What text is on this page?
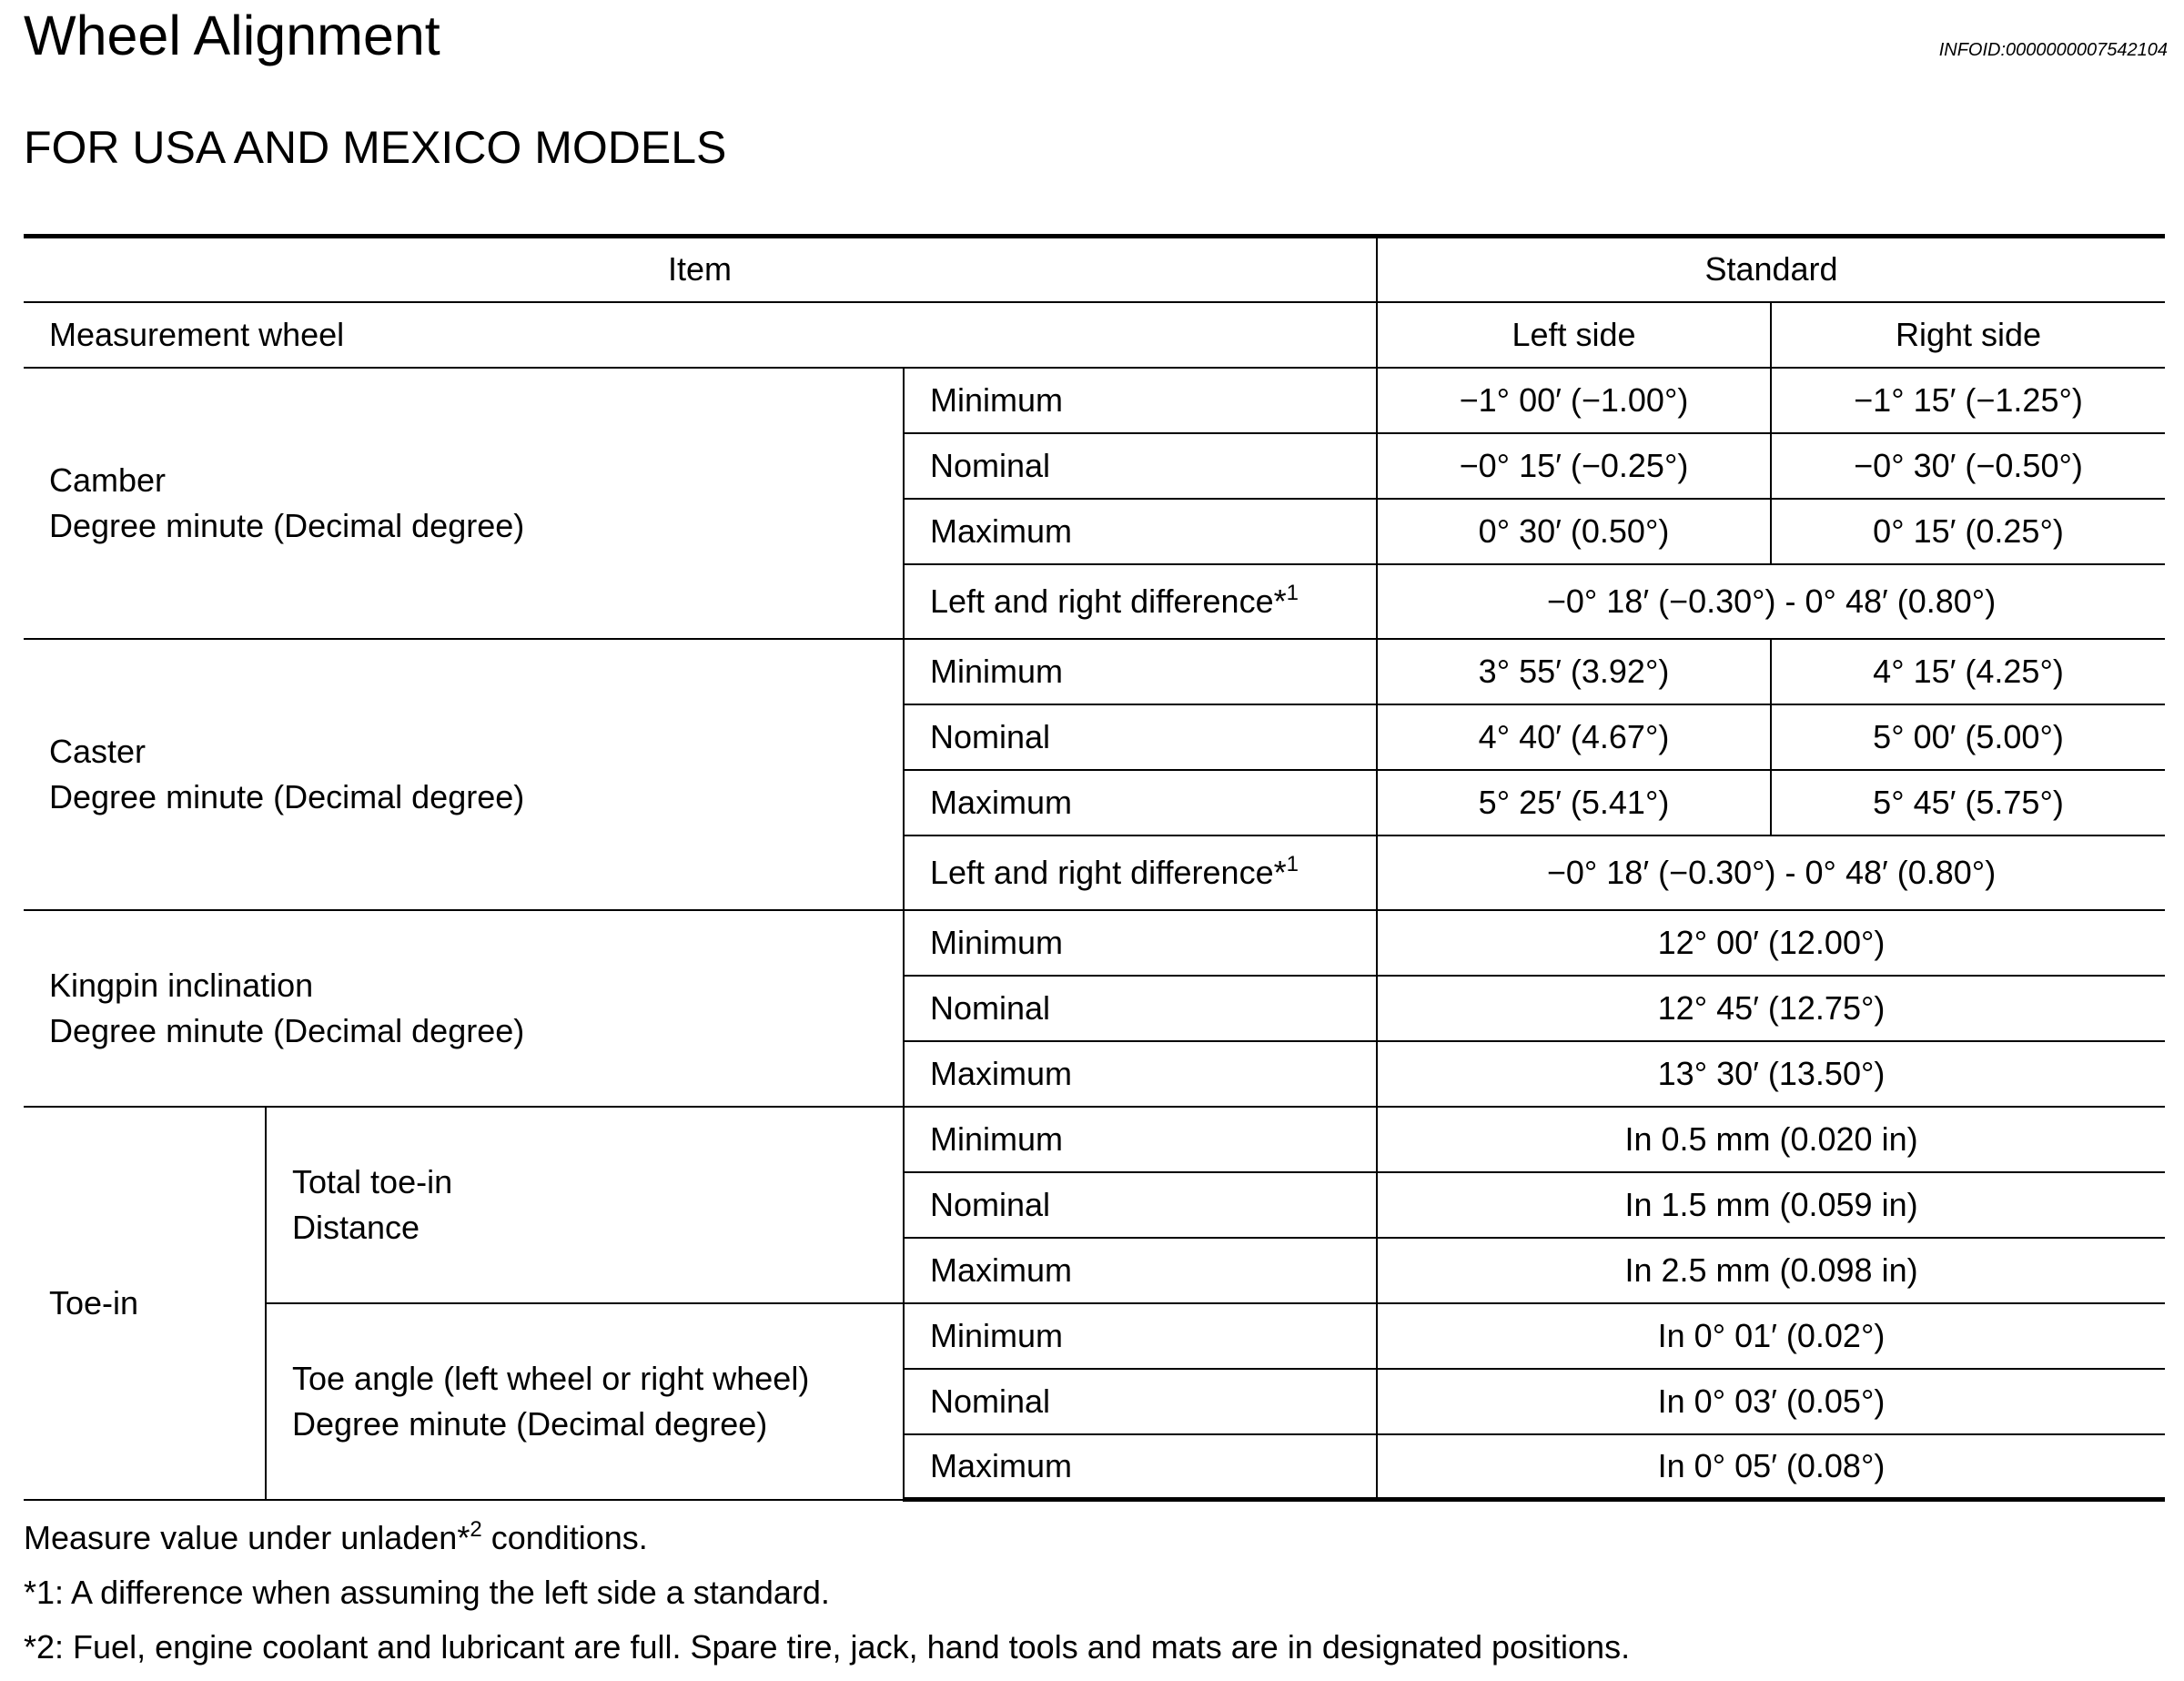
Wheel Alignment	INFOID:0000000007542104
FOR USA AND MEXICO MODELS
Item			Standard	
Measurement wheel			Left side	Right side

Camber
Degree minute (Decimal degree)		Minimum	−1° 00′ (−1.00°)	−1° 15′ (−1.25°)
		Nominal	−0° 15′ (−0.25°)	−0° 30′ (−0.50°)
		Maximum	0° 30′ (0.50°)	0° 15′ (0.25°)
		Left and right difference*$^1$	−0° 18′ (−0.30°) - 0° 48′ (0.80°)	

Caster
Degree minute (Decimal degree)		Minimum	3° 55′ (3.92°)	4° 15′ (4.25°)
		Nominal	4° 40′ (4.67°)	5° 00′ (5.00°)
		Maximum	5° 25′ (5.41°)	5° 45′ (5.75°)
		Left and right difference*$^1$	−0° 18′ (−0.30°) - 0° 48′ (0.80°)	

Kingpin inclination
Degree minute (Decimal degree)		Minimum	12° 00′ (12.00°)	
		Nominal	12° 45′ (12.75°)	
		Maximum	13° 30′ (13.50°)	
Toe-in	Total toe-in
Distance	Minimum	In 0.5 mm (0.020 in)	
		Nominal	In 1.5 mm (0.059 in)	
		Maximum	In 2.5 mm (0.098 in)	

	Toe angle (left wheel or right wheel)
Degree minute (Decimal degree)	Minimum	In 0° 01′ (0.02°)	
		Nominal	In 0° 03′ (0.05°)	
		Maximum	In 0° 05′ (0.08°)	
Measure value under unladen*$^2$ conditions.
*1: A difference when assuming the left side a standard.
*2: Fuel, engine coolant and lubricant are full. Spare tire, jack, hand tools and mats are in designated positions.
